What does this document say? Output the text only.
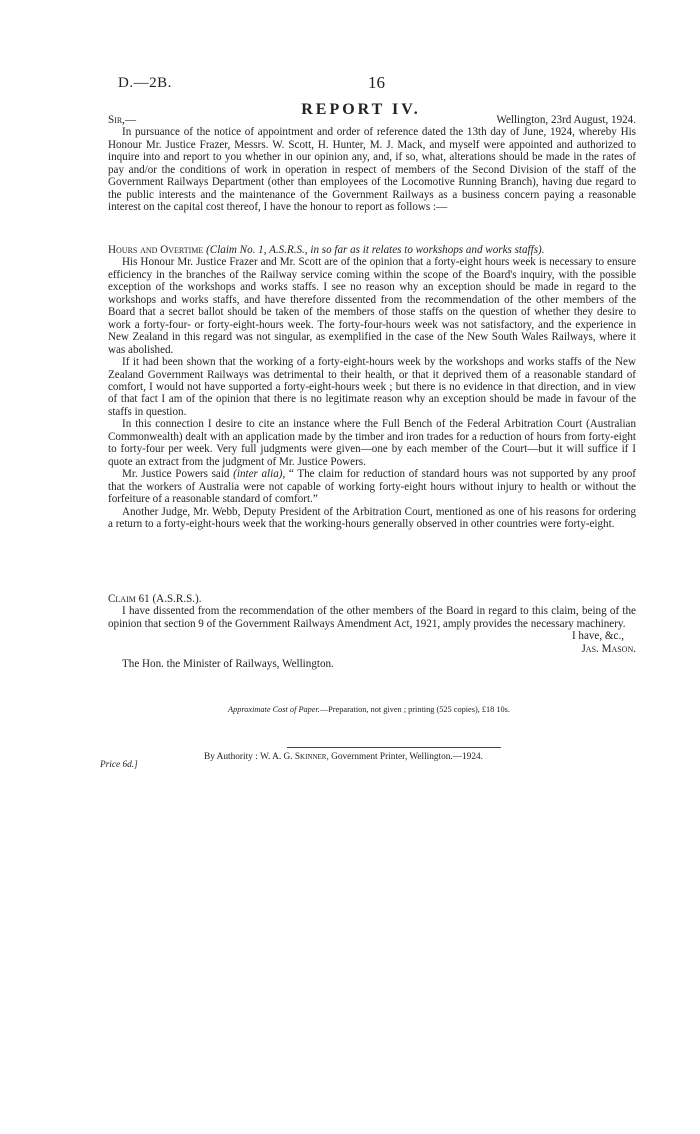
D.—2B.	16
REPORT IV.
Sir,—	Wellington, 23rd August, 1924.

In pursuance of the notice of appointment and order of reference dated the 13th day of June, 1924, whereby His Honour Mr. Justice Frazer, Messrs. W. Scott, H. Hunter, M. J. Mack, and myself were appointed and authorized to inquire into and report to you whether in our opinion any, and, if so, what, alterations should be made in the rates of pay and/or the conditions of work in operation in respect of members of the Second Division of the staff of the Government Railways Department (other than employees of the Locomotive Running Branch), having due regard to the public interests and the maintenance of the Government Railways as a business concern paying a reasonable interest on the capital cost thereof, I have the honour to report as follows :—

Hours and Overtime (Claim No. 1, A.S.R.S., in so far as it relates to workshops and works staffs).

His Honour Mr. Justice Frazer and Mr. Scott are of the opinion that a forty-eight hours week is necessary to ensure efficiency in the branches of the Railway service coming within the scope of the Board's inquiry, with the possible exception of the workshops and works staffs. I see no reason why an exception should be made in regard to the workshops and works staffs, and have therefore dissented from the recommendation of the other members of the Board that a secret ballot should be taken of the members of those staffs on the question of whether they desire to work a forty-four- or forty-eight-hours week. The forty-four-hours week was not satisfactory, and the experience in New Zealand in this regard was not singular, as exemplified in the case of the New South Wales Railways, where it was abolished.

If it had been shown that the working of a forty-eight-hours week by the workshops and works staffs of the New Zealand Government Railways was detrimental to their health, or that it deprived them of a reasonable standard of comfort, I would not have supported a forty-eight-hours week ; but there is no evidence in that direction, and in view of that fact I am of the opinion that there is no legitimate reason why an exception should be made in favour of the staffs in question.

In this connection I desire to cite an instance where the Full Bench of the Federal Arbitration Court (Australian Commonwealth) dealt with an application made by the timber and iron trades for a reduction of hours from forty-eight to forty-four per week. Very full judgments were given—one by each member of the Court—but it will suffice if I quote an extract from the judgment of Mr. Justice Powers.

Mr. Justice Powers said (inter alia), “ The claim for reduction of standard hours was not supported by any proof that the workers of Australia were not capable of working forty-eight hours without injury to health or without the forfeiture of a reasonable standard of comfort.”

Another Judge, Mr. Webb, Deputy President of the Arbitration Court, mentioned as one of his reasons for ordering a return to a forty-eight-hours week that the working-hours generally observed in other countries were forty-eight.

Claim 61 (A.S.R.S.).

I have dissented from the recommendation of the other members of the Board in regard to this claim, being of the opinion that section 9 of the Government Railways Amendment Act, 1921, amply provides the necessary machinery.

I have, &c.,
Jas. Mason.

The Hon. the Minister of Railways, Wellington.

Approximate Cost of Paper.—Preparation, not given ; printing (525 copies), £18 10s.
By Authority : W. A. G. Skinner, Government Printer, Wellington.—1924.
Price 6d.]
